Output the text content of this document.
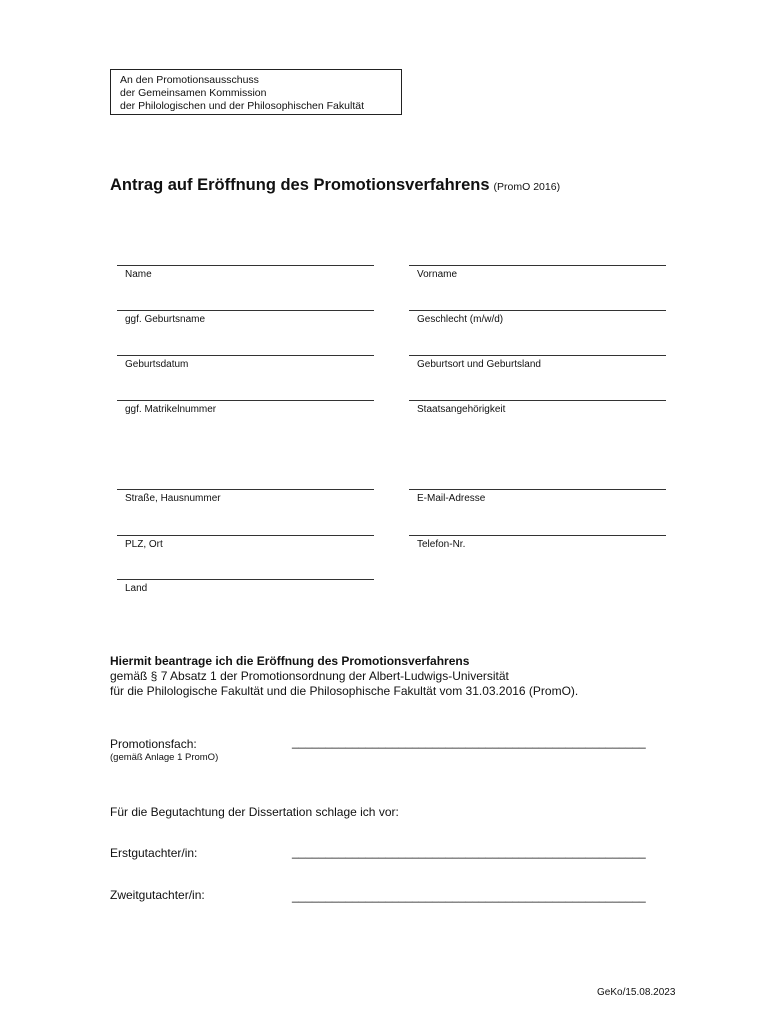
An den Promotionsausschuss
der Gemeinsamen Kommission
der Philologischen und der Philosophischen Fakultät
Antrag auf Eröffnung des Promotionsverfahrens (PromO 2016)
Name	Vorname
ggf. Geburtsname	Geschlecht (m/w/d)
Geburtsdatum	Geburtsort und Geburtsland
ggf. Matrikelnummer	Staatsangehörigkeit
Straße, Hausnummer	E-Mail-Adresse
PLZ, Ort	Telefon-Nr.
Land
Hiermit beantrage ich die Eröffnung des Promotionsverfahrens
gemäß § 7 Absatz 1 der Promotionsordnung der Albert-Ludwigs-Universität
für die Philologische Fakultät und die Philosophische Fakultät vom 31.03.2016 (PromO).
Promotionsfach:
(gemäß Anlage 1 PromO)
_____________________________________________________
Für die Begutachtung der Dissertation schlage ich vor:
Erstgutachter/in:	_____________________________________________________
Zweitgutachter/in:	_____________________________________________________
GeKo/15.08.2023
